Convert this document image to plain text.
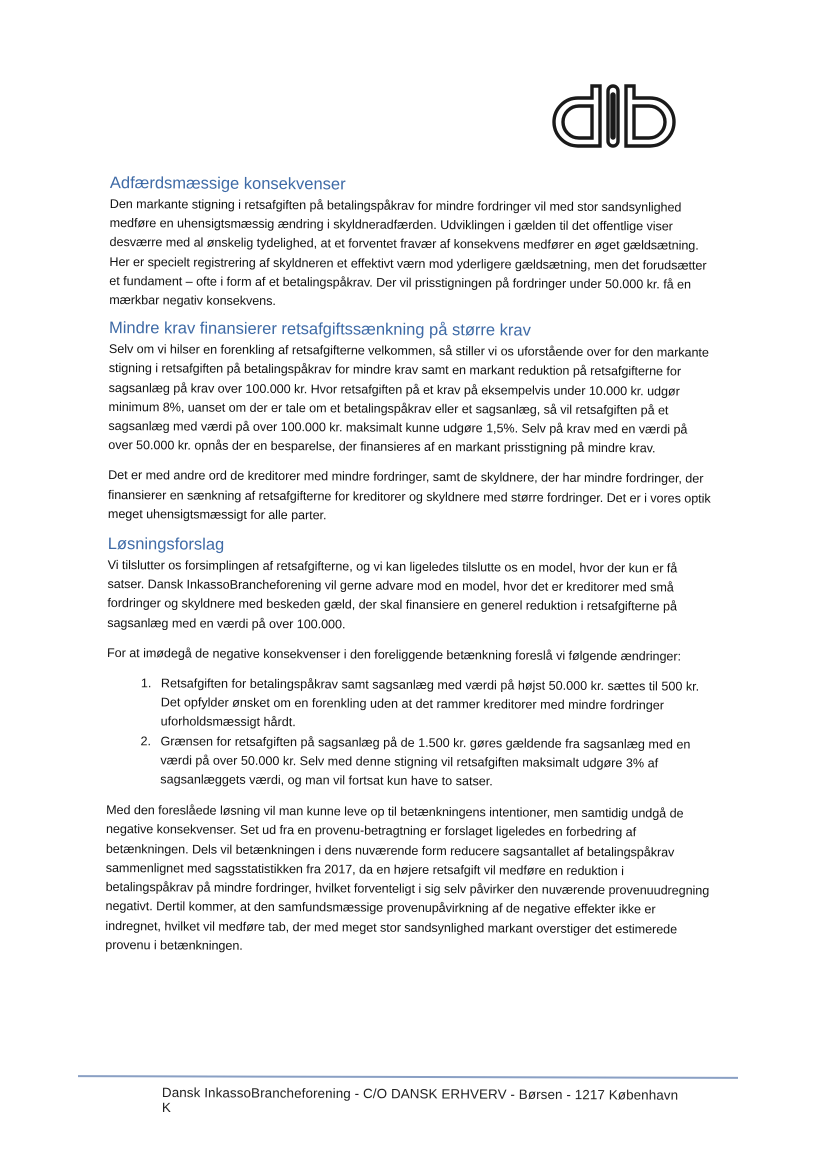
Adfærdsmæssige konsekvenser

Den markante stigning i retsafgiften på betalingspåkrav for mindre fordringer vil med stor sandsynlighed medføre en uhensigtsmæssig ændring i skyldneradfærden. Udviklingen i gælden til det offentlige viser desværre med al ønskelig tydelighed, at et forventet fravær af konsekvens medfører en øget gældsætning. Her er specielt registrering af skyldneren et effektivt værn mod yderligere gældsætning, men det forudsætter et fundament – ofte i form af et betalingspåkrav. Der vil prisstigningen på fordringer under 50.000 kr. få en mærkbar negativ konsekvens.

Mindre krav finansierer retsafgiftssænkning på større krav

Selv om vi hilser en forenkling af retsafgifterne velkommen, så stiller vi os uforstående over for den markante stigning i retsafgiften på betalingspåkrav for mindre krav samt en markant reduktion på retsafgifterne for sagsanlæg på krav over 100.000 kr. Hvor retsafgiften på et krav på eksempelvis under 10.000 kr. udgør minimum 8%, uanset om der er tale om et betalingspåkrav eller et sagsanlæg, så vil retsafgiften på et sagsanlæg med værdi på over 100.000 kr. maksimalt kunne udgøre 1,5%. Selv på krav med en værdi på over 50.000 kr. opnås der en besparelse, der finansieres af en markant prisstigning på mindre krav.

Det er med andre ord de kreditorer med mindre fordringer, samt de skyldnere, der har mindre fordringer, der finansierer en sænkning af retsafgifterne for kreditorer og skyldnere med større fordringer. Det er i vores optik meget uhensigtsmæssigt for alle parter.

Løsningsforslag

Vi tilslutter os forsimplingen af retsafgifterne, og vi kan ligeledes tilslutte os en model, hvor der kun er få satser. Dansk InkassoBrancheforening vil gerne advare mod en model, hvor det er kreditorer med små fordringer og skyldnere med beskeden gæld, der skal finansiere en generel reduktion i retsafgifterne på sagsanlæg med en værdi på over 100.000.

For at imødegå de negative konsekvenser i den foreliggende betænkning foreslå vi følgende ændringer:

1. Retsafgiften for betalingspåkrav samt sagsanlæg med værdi på højst 50.000 kr. sættes til 500 kr. Det opfylder ønsket om en forenkling uden at det rammer kreditorer med mindre fordringer uforholdsmæssigt hårdt.
2. Grænsen for retsafgiften på sagsanlæg på de 1.500 kr. gøres gældende fra sagsanlæg med en værdi på over 50.000 kr. Selv med denne stigning vil retsafgiften maksimalt udgøre 3% af sagsanlæggets værdi, og man vil fortsat kun have to satser.

Med den foreslåede løsning vil man kunne leve op til betænkningens intentioner, men samtidig undgå de negative konsekvenser. Set ud fra en provenu-betragtning er forslaget ligeledes en forbedring af betænkningen. Dels vil betænkningen i dens nuværende form reducere sagsantallet af betalingspåkrav sammenlignet med sagsstatistikken fra 2017, da en højere retsafgift vil medføre en reduktion i betalingspåkrav på mindre fordringer, hvilket forventeligt i sig selv påvirker den nuværende provenuudregning negativt. Dertil kommer, at den samfundsmæssige provenupåvirkning af de negative effekter ikke er indregnet, hvilket vil medføre tab, der med meget stor sandsynlighed markant overstiger det estimerede provenu i betænkningen.

Dansk InkassoBrancheforening - C/O DANSK ERHVERV - Børsen - 1217 København K
